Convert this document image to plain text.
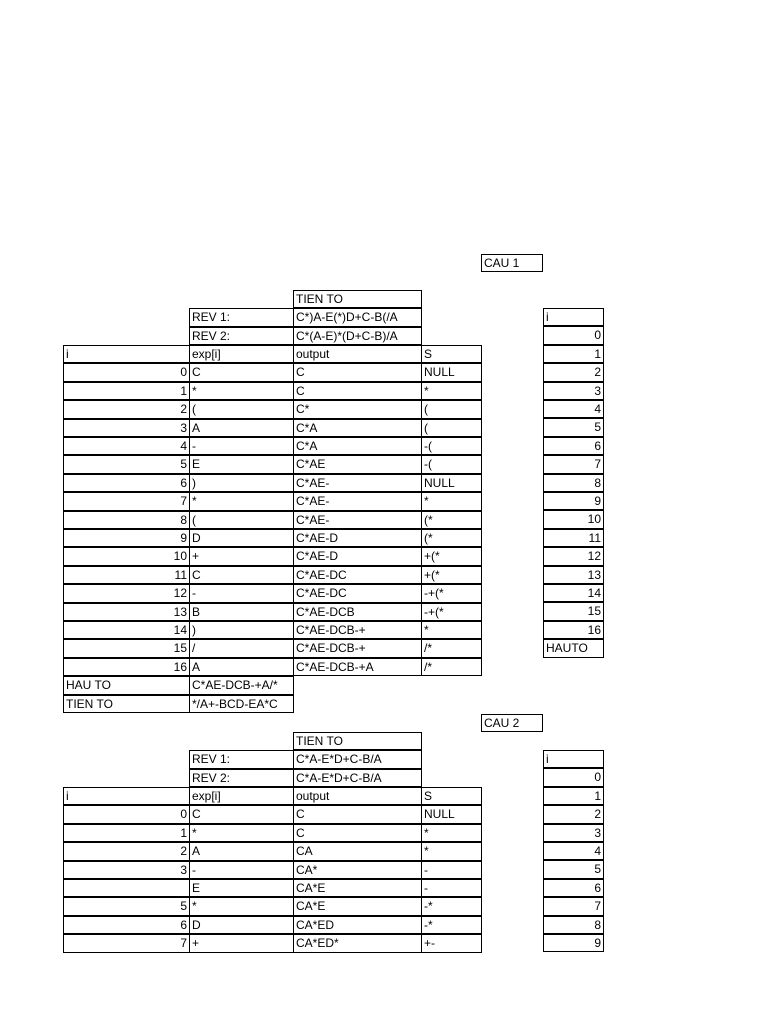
CAU 1
TIEN TO
REV 1:	C*)A-E(*)D+C-B(/A
REV 2:	C*(A-E)*(D+C-B)/A
i	exp[i]	output	S
0 C	C	NULL
1 *	C	*
2 (	C*	(
3 A	C*A	(
4 -	C*A	-(
5 E	C*AE	-(
6 )	C*AE-	NULL
7 *	C*AE-	*
8 (	C*AE-	(*
9 D	C*AE-D	(*
10 +	C*AE-D	+(*
11 C	C*AE-DC	+(*
12 -	C*AE-DC	-+(*
13 B	C*AE-DCB	-+(*
14 )	C*AE-DCB-+	*
15 /	C*AE-DCB-+	/*
16 A	C*AE-DCB-+A	/*
HAU TO	C*AE-DCB-+A/*
TIEN TO	*/A+-BCD-EA*C
i
0
1
2
3
4
5
6
7
8
9
10
11
12
13
14
15
16
HAUTO
CAU 2
TIEN TO
REV 1:	C*A-E*D+C-B/A
REV 2:	C*A-E*D+C-B/A
i	exp[i]	output	S
0 C	C	NULL
1 *	C	*
2 A	CA	*
3 -	CA*	-
E	CA*E	-
5 *	CA*E	-*
6 D	CA*ED	-*
7 +	CA*ED*	+-
i
0
1
2
3
4
5
6
7
8
9
